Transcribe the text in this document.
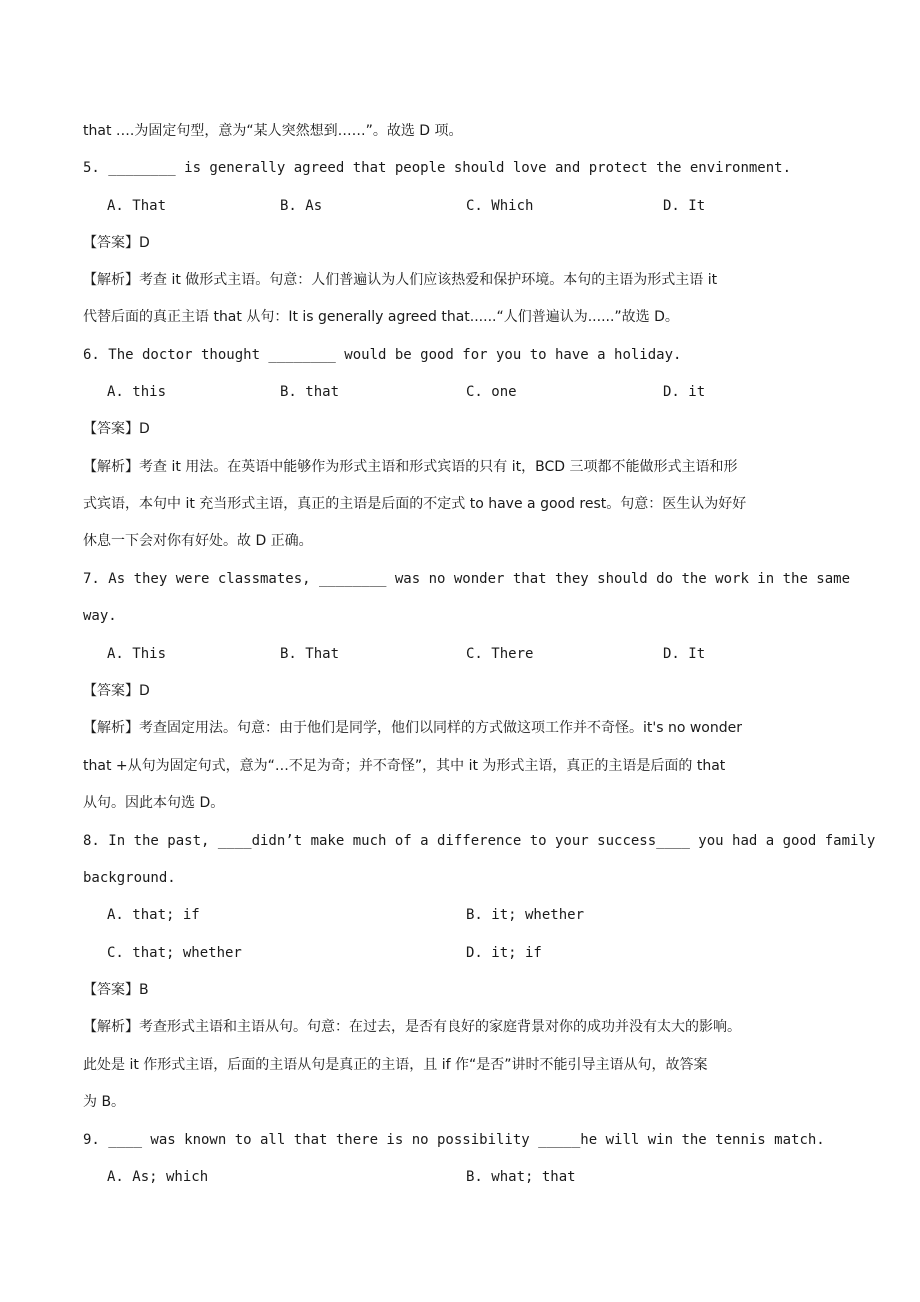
that ….为固定句型，意为“某人突然想到……”。故选 D 项。
5. ________ is generally agreed that people should love and protect the environment.
A. That	B. As	C. Which	D. It
【答案】D
【解析】考查 it 做形式主语。句意：人们普遍认为人们应该热爱和保护环境。本句的主语为形式主语 it
代替后面的真正主语 that 从句：It is generally agreed that......“人们普遍认为......”故选 D。
6. The doctor thought ________ would be good for you to have a holiday.
A. this	B. that	C. one	D. it
【答案】D
【解析】考查 it 用法。在英语中能够作为形式主语和形式宾语的只有 it，BCD 三项都不能做形式主语和形
式宾语，本句中 it 充当形式主语，真正的主语是后面的不定式 to have a good rest。句意：医生认为好好
休息一下会对你有好处。故 D 正确。
7. As they were classmates, ________ was no wonder that they should do the work in the same
way.
A. This	B. That	C. There	D. It
【答案】D
【解析】考查固定用法。句意：由于他们是同学，他们以同样的方式做这项工作并不奇怪。it's no wonder
that +从句为固定句式，意为“…不足为奇；并不奇怪”，其中 it 为形式主语，真正的主语是后面的 that
从句。因此本句选 D。
8. In the past, ____didn’t make much of a difference to your success____ you had a good family
background.
A. that; if	B. it; whether
C. that; whether	D. it; if
【答案】B
【解析】考查形式主语和主语从句。句意：在过去，是否有良好的家庭背景对你的成功并没有太大的影响。
此处是 it 作形式主语，后面的主语从句是真正的主语，且 if 作“是否”讲时不能引导主语从句，故答案
为 B。
9. ____ was known to all that there is no possibility _____he will win the tennis match.
A. As; which	B. what; that
